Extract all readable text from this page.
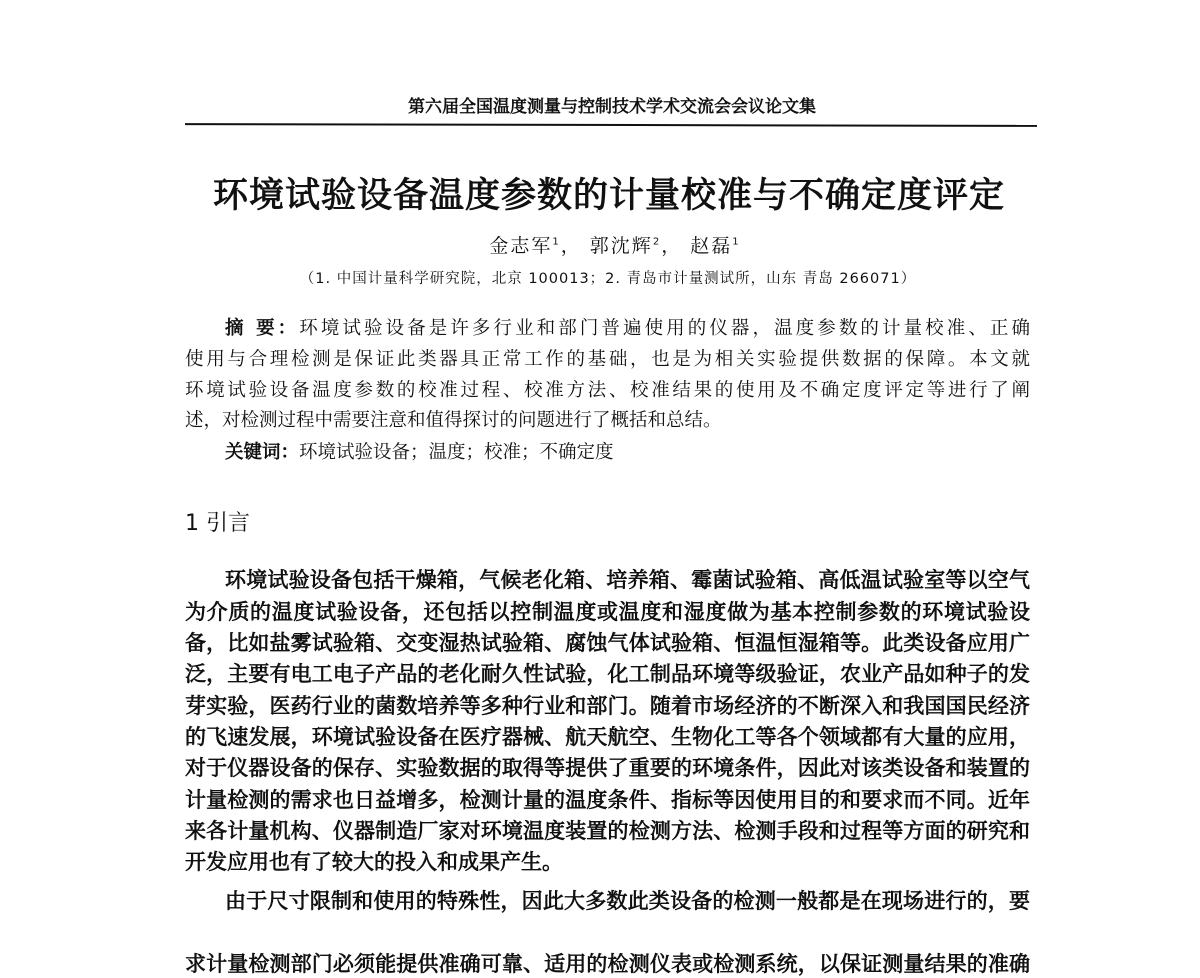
第六届全国温度测量与控制技术学术交流会会议论文集
环境试验设备温度参数的计量校准与不确定度评定
金志军$^1$， 郭沈辉$^2$， 赵磊$^1$
（1. 中国计量科学研究院，北京 100013；2. 青岛市计量测试所，山东 青岛 266071）
摘 要：环境试验设备是许多行业和部门普遍使用的仪器，温度参数的计量校准、正确
使用与合理检测是保证此类器具正常工作的基础，也是为相关实验提供数据的保障。本文就
环境试验设备温度参数的校准过程、校准方法、校准结果的使用及不确定度评定等进行了阐
述，对检测过程中需要注意和值得探讨的问题进行了概括和总结。
关键词：环境试验设备；温度；校准；不确定度
1 引言
环境试验设备包括干燥箱，气候老化箱、培养箱、霉菌试验箱、高低温试验室等以空气
为介质的温度试验设备，还包括以控制温度或温度和湿度做为基本控制参数的环境试验设
备，比如盐雾试验箱、交变湿热试验箱、腐蚀气体试验箱、恒温恒湿箱等。此类设备应用广
泛，主要有电工电子产品的老化耐久性试验，化工制品环境等级验证，农业产品如种子的发
芽实验，医药行业的菌数培养等多种行业和部门。随着市场经济的不断深入和我国国民经济
的飞速发展，环境试验设备在医疗器械、航天航空、生物化工等各个领域都有大量的应用，
对于仪器设备的保存、实验数据的取得等提供了重要的环境条件，因此对该类设备和装置的
计量检测的需求也日益增多，检测计量的温度条件、指标等因使用目的和要求而不同。近年
来各计量机构、仪器制造厂家对环境温度装置的检测方法、检测手段和过程等方面的研究和
开发应用也有了较大的投入和成果产生。
由于尺寸限制和使用的特殊性，因此大多数此类设备的检测一般都是在现场进行的，要
求计量检测部门必须能提供准确可靠、适用的检测仪表或检测系统，以保证测量结果的准确
